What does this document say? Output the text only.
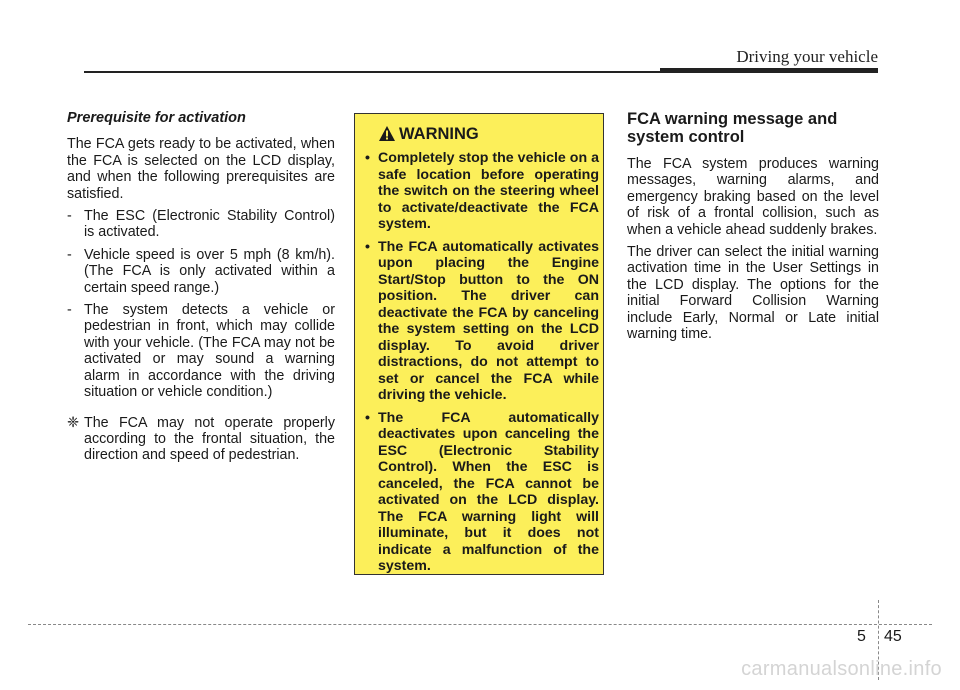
Driving your vehicle
Prerequisite for activation

The FCA gets ready to be activated, when the FCA is selected on the LCD display, and when the following prerequisites are satisfied.

- The ESC (Electronic Stability Control) is activated.
- Vehicle speed is over 5 mph (8 km/h). (The FCA is only activated within a certain speed range.)
- The system detects a vehicle or pedestrian in front, which may collide with your vehicle. (The FCA may not be activated or may sound a warning alarm in accordance with the driving situation or vehicle condition.)
❈ The FCA may not operate properly according to the frontal situation, the direction and speed of pedestrian.
WARNING
• Completely stop the vehicle on a safe location before operating the switch on the steering wheel to activate/deactivate the FCA system.
• The FCA automatically activates upon placing the Engine Start/Stop button to the ON position. The driver can deactivate the FCA by canceling the system setting on the LCD display. To avoid driver distractions, do not attempt to set or cancel the FCA while driving the vehicle.
• The FCA automatically deactivates upon canceling the ESC (Electronic Stability Control). When the ESC is canceled, the FCA cannot be activated on the LCD display. The FCA warning light will illuminate, but it does not indicate a malfunction of the system.
FCA warning message and system control

The FCA system produces warning messages, warning alarms, and emergency braking based on the level of risk of a frontal collision, such as when a vehicle ahead suddenly brakes.

The driver can select the initial warning activation time in the User Settings in the LCD display. The options for the initial Forward Collision Warning include Early, Normal or Late initial warning time.

5 45
carmanualsonline.info
